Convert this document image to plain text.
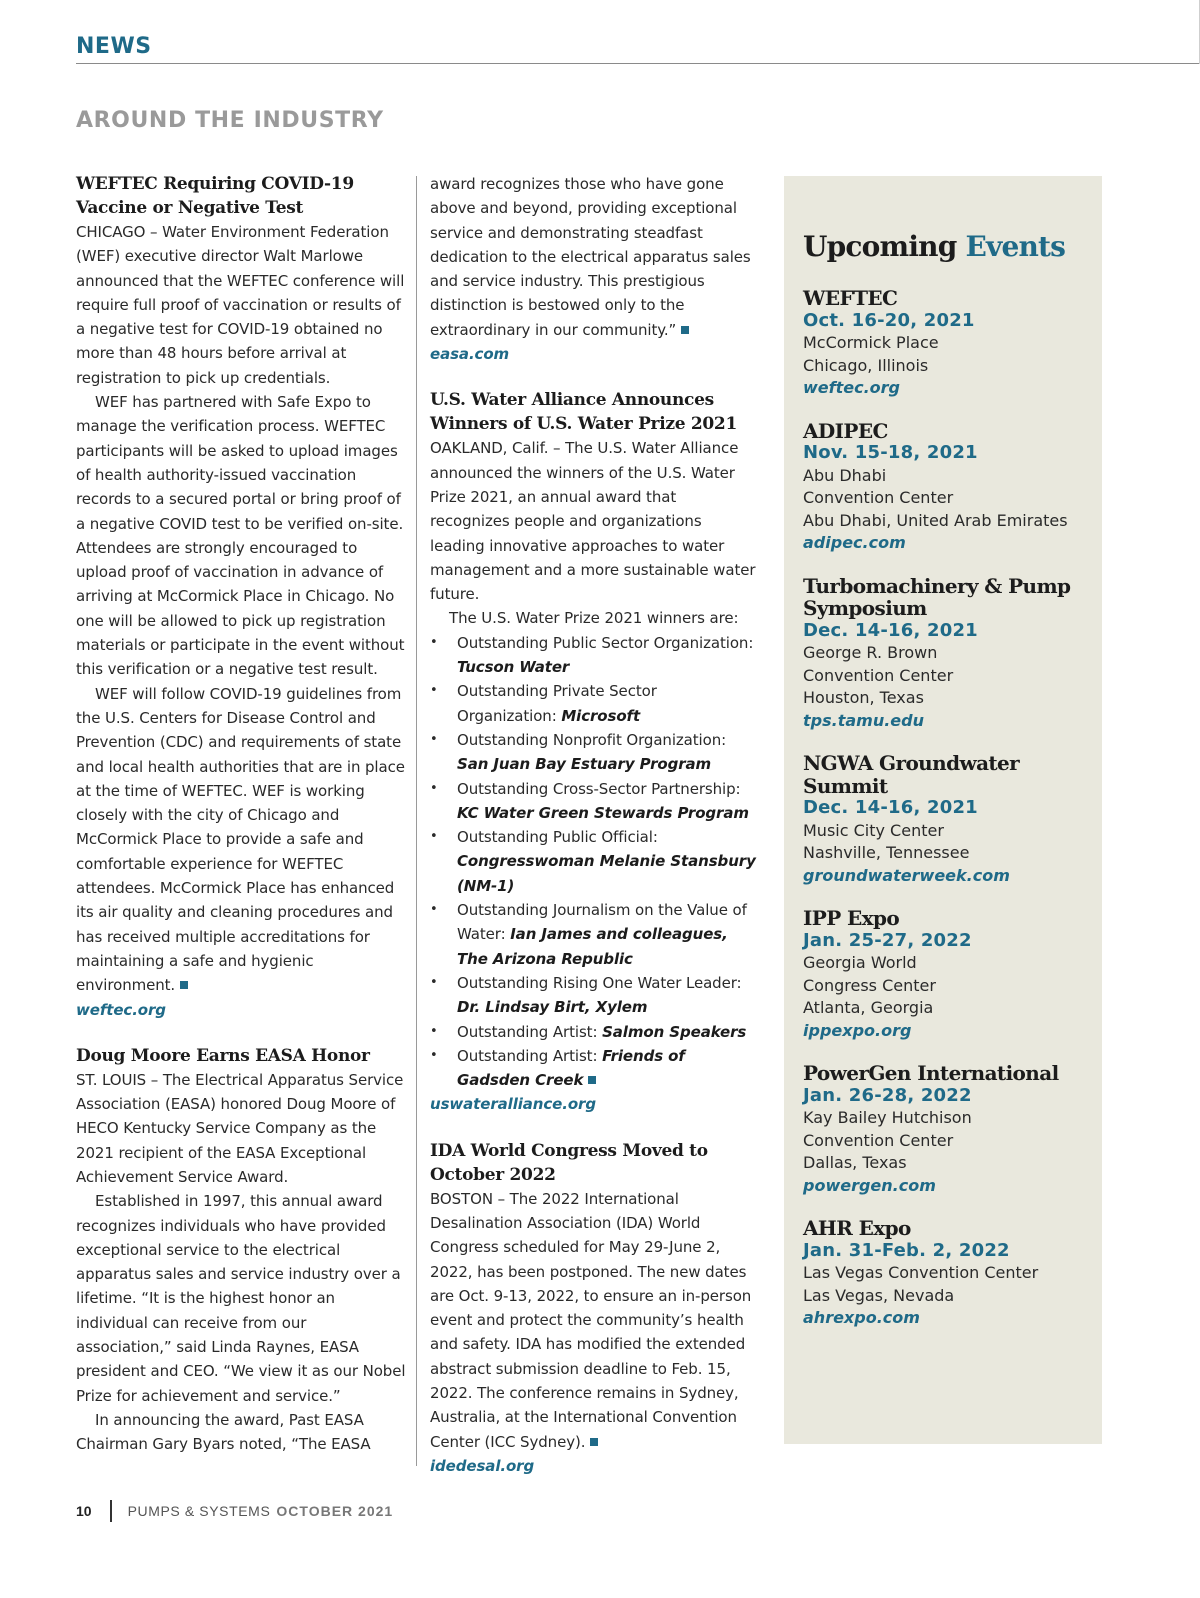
NEWS
AROUND THE INDUSTRY
WEFTEC Requiring COVID-19 Vaccine or Negative Test

CHICAGO – Water Environment Federation (WEF) executive director Walt Marlowe announced that the WEFTEC conference will require full proof of vaccination or results of a negative test for COVID-19 obtained no more than 48 hours before arrival at registration to pick up credentials.

WEF has partnered with Safe Expo to manage the verification process. WEFTEC participants will be asked to upload images of health authority-issued vaccination records to a secured portal or bring proof of a negative COVID test to be verified on-site. Attendees are strongly encouraged to upload proof of vaccination in advance of arriving at McCormick Place in Chicago. No one will be allowed to pick up registration materials or participate in the event without this verification or a negative test result.

WEF will follow COVID-19 guidelines from the U.S. Centers for Disease Control and Prevention (CDC) and requirements of state and local health authorities that are in place at the time of WEFTEC. WEF is working closely with the city of Chicago and McCormick Place to provide a safe and comfortable experience for WEFTEC attendees. McCormick Place has enhanced its air quality and cleaning procedures and has received multiple accreditations for maintaining a safe and hygienic environment.

weftec.org
Doug Moore Earns EASA Honor

ST. LOUIS – The Electrical Apparatus Service Association (EASA) honored Doug Moore of HECO Kentucky Service Company as the 2021 recipient of the EASA Exceptional Achievement Service Award.

Established in 1997, this annual award recognizes individuals who have provided exceptional service to the electrical apparatus sales and service industry over a lifetime. “It is the highest honor an individual can receive from our association,” said Linda Raynes, EASA president and CEO. “We view it as our Nobel Prize for achievement and service.”

In announcing the award, Past EASA Chairman Gary Byars noted, “The EASA

award recognizes those who have gone above and beyond, providing exceptional service and demonstrating steadfast dedication to the electrical apparatus sales and service industry. This prestigious distinction is bestowed only to the extraordinary in our community.”

easa.com
U.S. Water Alliance Announces Winners of U.S. Water Prize 2021

OAKLAND, Calif. – The U.S. Water Alliance announced the winners of the U.S. Water Prize 2021, an annual award that recognizes people and organizations leading innovative approaches to water management and a more sustainable water future.

The U.S. Water Prize 2021 winners are:

• Outstanding Public Sector Organization: Tucson Water
• Outstanding Private Sector Organization: Microsoft
• Outstanding Nonprofit Organization: San Juan Bay Estuary Program
• Outstanding Cross-Sector Partnership: KC Water Green Stewards Program
• Outstanding Public Official: Congresswoman Melanie Stansbury (NM-1)
• Outstanding Journalism on the Value of Water: Ian James and colleagues, The Arizona Republic
• Outstanding Rising One Water Leader: Dr. Lindsay Birt, Xylem
• Outstanding Artist: Salmon Speakers
• Outstanding Artist: Friends of Gadsden Creek
uswateralliance.org
IDA World Congress Moved to October 2022

BOSTON – The 2022 International Desalination Association (IDA) World Congress scheduled for May 29-June 2, 2022, has been postponed. The new dates are Oct. 9-13, 2022, to ensure an in-person event and protect the community’s health and safety. IDA has modified the extended abstract submission deadline to Feb. 15, 2022. The conference remains in Sydney, Australia, at the International Convention Center (ICC Sydney).

idedesal.org
Upcoming Events
WEFTEC
Oct. 16-20, 2021
McCormick Place
Chicago, Illinois
weftec.org
ADIPEC
Nov. 15-18, 2021
Abu Dhabi
Convention Center
Abu Dhabi, United Arab Emirates
adipec.com
Turbomachinery & Pump Symposium
Dec. 14-16, 2021
George R. Brown
Convention Center
Houston, Texas
tps.tamu.edu
NGWA Groundwater Summit
Dec. 14-16, 2021
Music City Center
Nashville, Tennessee
groundwaterweek.com
IPP Expo
Jan. 25-27, 2022
Georgia World
Congress Center
Atlanta, Georgia
ippexpo.org
PowerGen International
Jan. 26-28, 2022
Kay Bailey Hutchison
Convention Center
Dallas, Texas
powergen.com
AHR Expo
Jan. 31-Feb. 2, 2022
Las Vegas Convention Center
Las Vegas, Nevada
ahrexpo.com
10	PUMPS & SYSTEMS OCTOBER 2021
